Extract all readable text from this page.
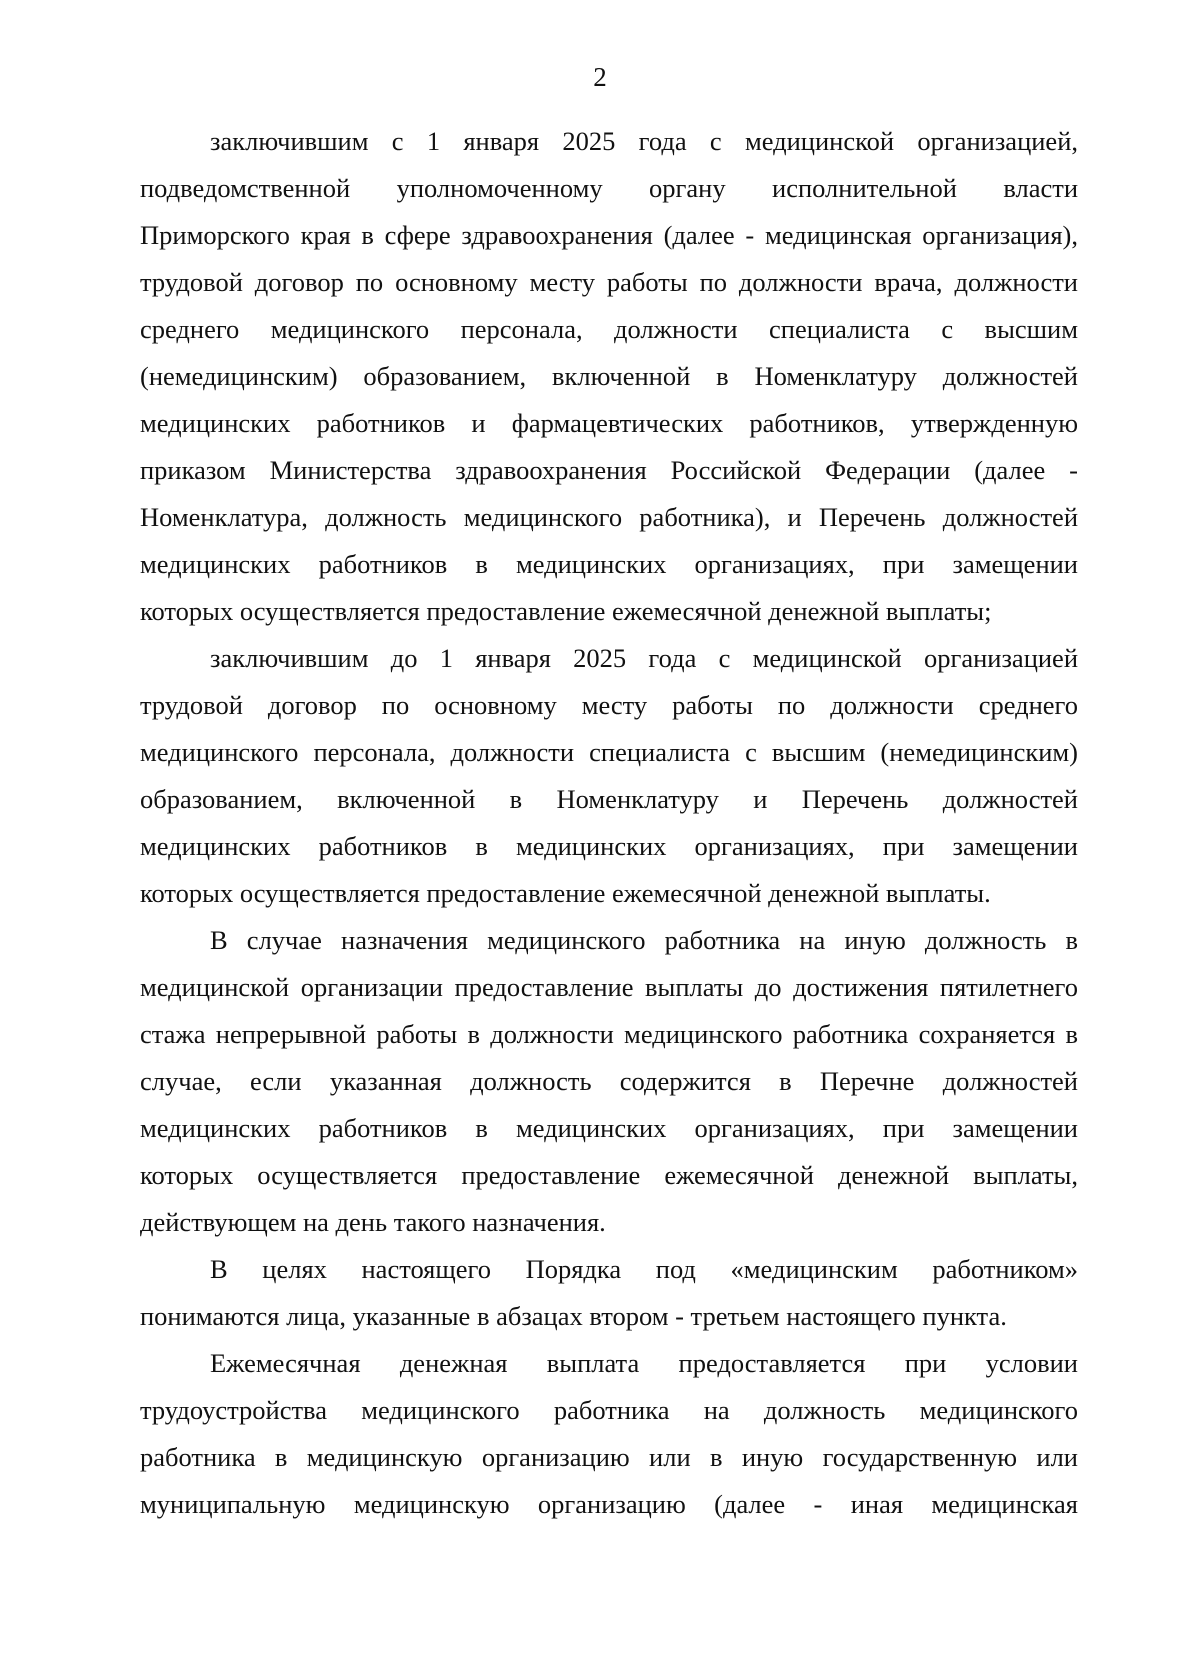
2
заключившим с 1 января 2025 года с медицинской организацией,
подведомственной уполномоченному органу исполнительной власти
Приморского края в сфере здравоохранения (далее - медицинская организация),
трудовой договор по основному месту работы по должности врача, должности
среднего медицинского персонала, должности специалиста с высшим
(немедицинским) образованием, включенной в Номенклатуру должностей
медицинских работников и фармацевтических работников, утвержденную
приказом Министерства здравоохранения Российской Федерации (далее -
Номенклатура, должность медицинского работника), и Перечень должностей
медицинских работников в медицинских организациях, при замещении
которых осуществляется предоставление ежемесячной денежной выплаты;
заключившим до 1 января 2025 года с медицинской организацией
трудовой договор по основному месту работы по должности среднего
медицинского персонала, должности специалиста с высшим (немедицинским)
образованием, включенной в Номенклатуру и Перечень должностей
медицинских работников в медицинских организациях, при замещении
которых осуществляется предоставление ежемесячной денежной выплаты.
В случае назначения медицинского работника на иную должность в
медицинской организации предоставление выплаты до достижения пятилетнего
стажа непрерывной работы в должности медицинского работника сохраняется в
случае, если указанная должность содержится в Перечне должностей
медицинских работников в медицинских организациях, при замещении
которых осуществляется предоставление ежемесячной денежной выплаты,
действующем на день такого назначения.
В целях настоящего Порядка под «медицинским работником»
понимаются лица, указанные в абзацах втором - третьем настоящего пункта.
Ежемесячная денежная выплата предоставляется при условии
трудоустройства медицинского работника на должность медицинского
работника в медицинскую организацию или в иную государственную или
муниципальную медицинскую организацию (далее - иная медицинская
